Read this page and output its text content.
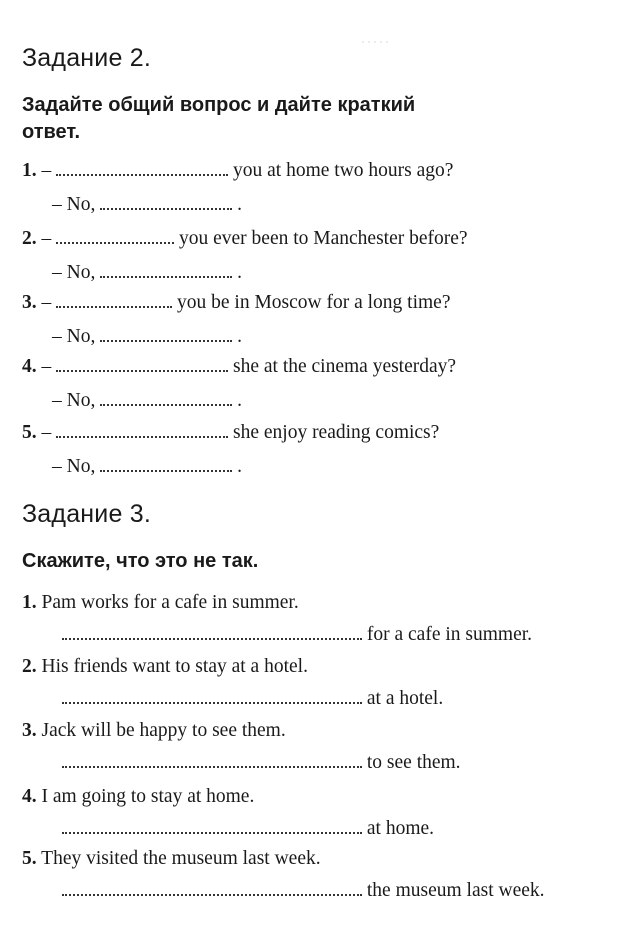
·····
Задание 2.
Задайте общий вопрос и дайте краткий
ответ.
1. –	you at home two hours ago?
– No,	.
2. –	you ever been to Manchester before?
– No,	.
3. –	you be in Moscow for a long time?
– No,	.
4. –	she at the cinema yesterday?
– No,	.
5. –	she enjoy reading comics?
– No,	.
Задание 3.
Скажите, что это не так.
1. Pam works for a cafe in summer.
for a cafe in summer.
2. His friends want to stay at a hotel.
at a hotel.
3. Jack will be happy to see them.
to see them.
4. I am going to stay at home.
at home.
5. They visited the museum last week.
the museum last week.
